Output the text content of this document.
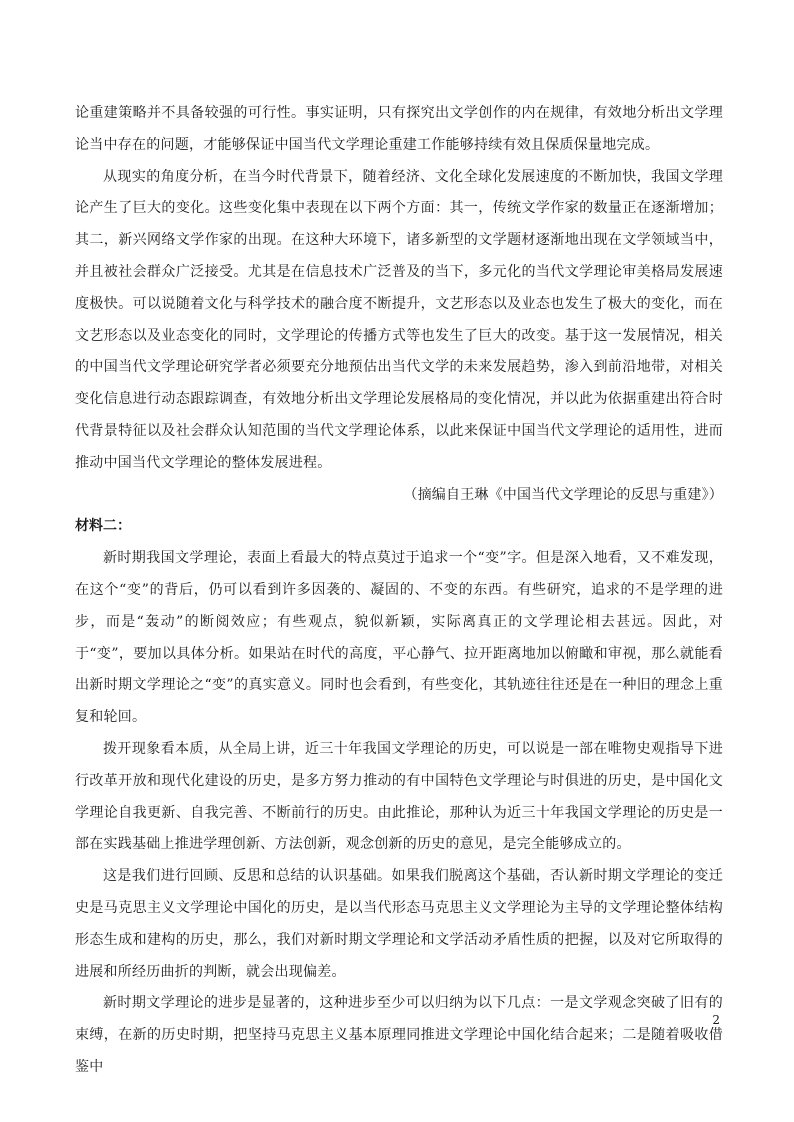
论重建策略并不具备较强的可行性。事实证明，只有探究出文学创作的内在规律，有效地分析出文学理论当中存在的问题，才能够保证中国当代文学理论重建工作能够持续有效且保质保量地完成。

从现实的角度分析，在当今时代背景下，随着经济、文化全球化发展速度的不断加快，我国文学理论产生了巨大的变化。这些变化集中表现在以下两个方面：其一，传统文学作家的数量正在逐渐增加；其二，新兴网络文学作家的出现。在这种大环境下，诸多新型的文学题材逐渐地出现在文学领域当中，并且被社会群众广泛接受。尤其是在信息技术广泛普及的当下，多元化的当代文学理论审美格局发展速度极快。可以说随着文化与科学技术的融合度不断提升，文艺形态以及业态也发生了极大的变化，而在文艺形态以及业态变化的同时，文学理论的传播方式等也发生了巨大的改变。基于这一发展情况，相关的中国当代文学理论研究学者必须要充分地预估出当代文学的未来发展趋势，渗入到前沿地带，对相关变化信息进行动态跟踪调查，有效地分析出文学理论发展格局的变化情况，并以此为依据重建出符合时代背景特征以及社会群众认知范围的当代文学理论体系，以此来保证中国当代文学理论的适用性，进而推动中国当代文学理论的整体发展进程。

（摘编自王琳《中国当代文学理论的反思与重建》）

材料二：

新时期我国文学理论，表面上看最大的特点莫过于追求一个“变”字。但是深入地看，又不难发现，在这个“变”的背后，仍可以看到许多因袭的、凝固的、不变的东西。有些研究，追求的不是学理的进步，而是“轰动”的断阅效应；有些观点，貌似新颖，实际离真正的文学理论相去甚远。因此，对于“变”，要加以具体分析。如果站在时代的高度，平心静气、拉开距离地加以俯瞰和审视，那么就能看出新时期文学理论之“变”的真实意义。同时也会看到，有些变化，其轨迹往往还是在一种旧的理念上重复和轮回。

拨开现象看本质，从全局上讲，近三十年我国文学理论的历史，可以说是一部在唯物史观指导下进行改革开放和现代化建设的历史，是多方努力推动的有中国特色文学理论与时俱进的历史，是中国化文学理论自我更新、自我完善、不断前行的历史。由此推论，那种认为近三十年我国文学理论的历史是一部在实践基础上推进学理创新、方法创新，观念创新的历史的意见，是完全能够成立的。

这是我们进行回顾、反思和总结的认识基础。如果我们脱离这个基础，否认新时期文学理论的变迁史是马克思主义文学理论中国化的历史，是以当代形态马克思主义文学理论为主导的文学理论整体结构形态生成和建构的历史，那么，我们对新时期文学理论和文学活动矛盾性质的把握，以及对它所取得的进展和所经历曲折的判断，就会出现偏差。

新时期文学理论的进步是显著的，这种进步至少可以归纳为以下几点：一是文学观念突破了旧有的束缚，在新的历史时期，把坚持马克思主义基本原理同推进文学理论中国化结合起来；二是随着吸收借鉴中

2
